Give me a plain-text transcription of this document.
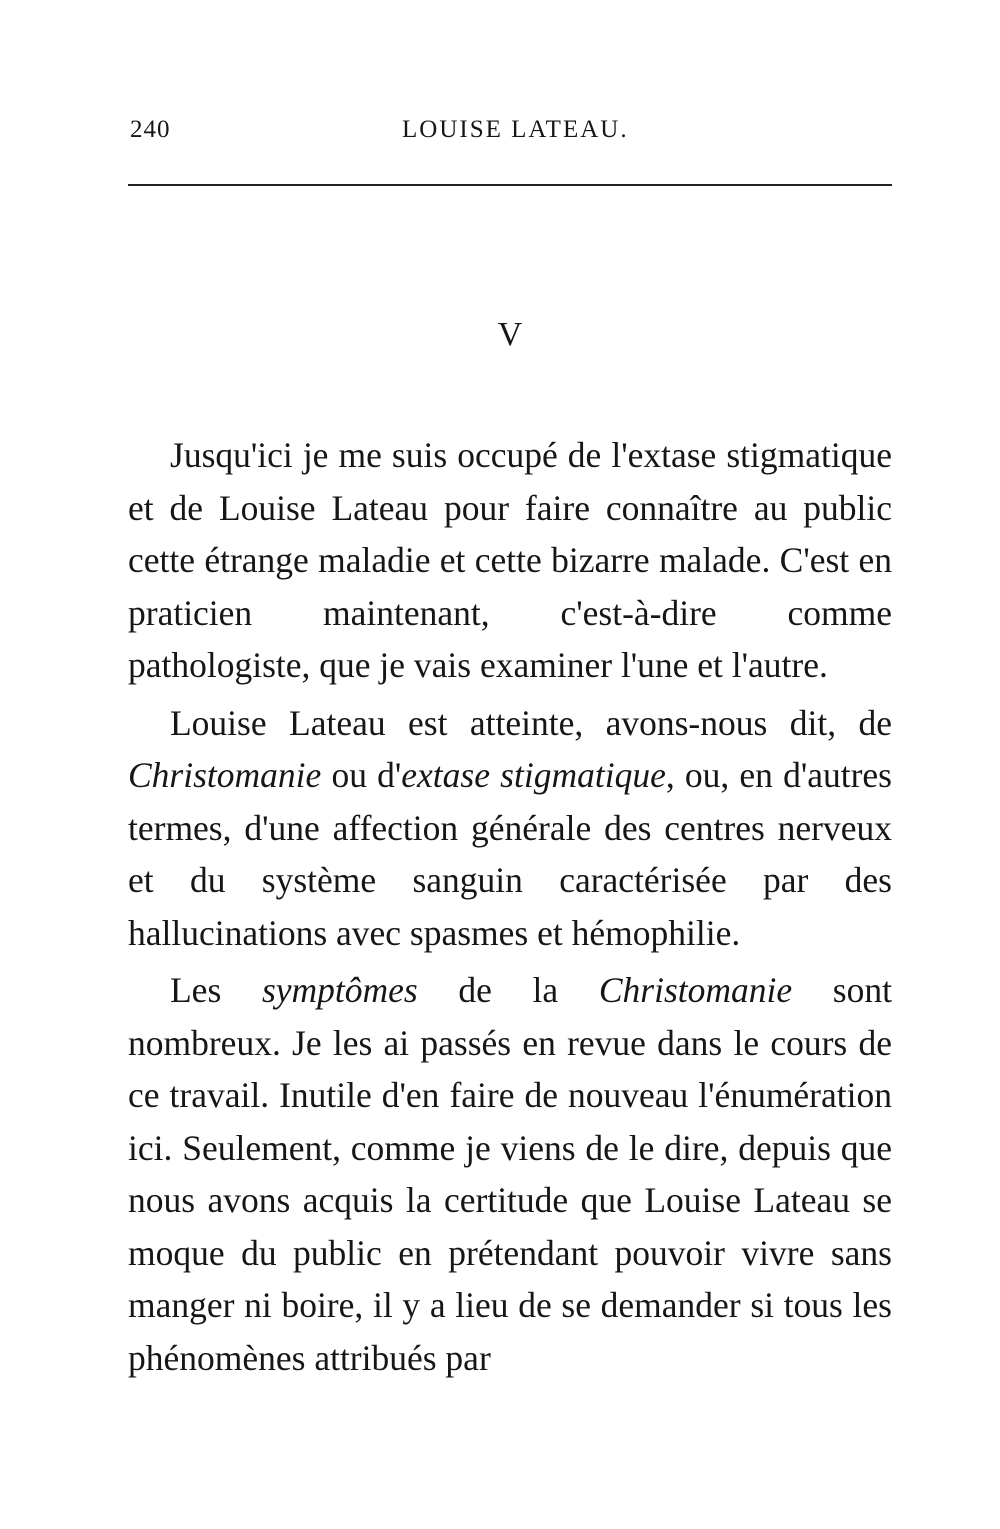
240	LOUISE LATEAU.
V

Jusqu'ici je me suis occupé de l'extase stigmatique et de Louise Lateau pour faire connaître au public cette étrange maladie et cette bizarre malade. C'est en praticien maintenant, c'est-à-dire comme pathologiste, que je vais examiner l'une et l'autre.

Louise Lateau est atteinte, avons-nous dit, de Christomanie ou d'extase stigmatique, ou, en d'autres termes, d'une affection générale des centres nerveux et du système sanguin caractérisée par des hallucinations avec spasmes et hémophilie.

Les symptômes de la Christomanie sont nombreux. Je les ai passés en revue dans le cours de ce travail. Inutile d'en faire de nouveau l'énumération ici. Seulement, comme je viens de le dire, depuis que nous avons acquis la certitude que Louise Lateau se moque du public en prétendant pouvoir vivre sans manger ni boire, il y a lieu de se demander si tous les phénomènes attribués par
